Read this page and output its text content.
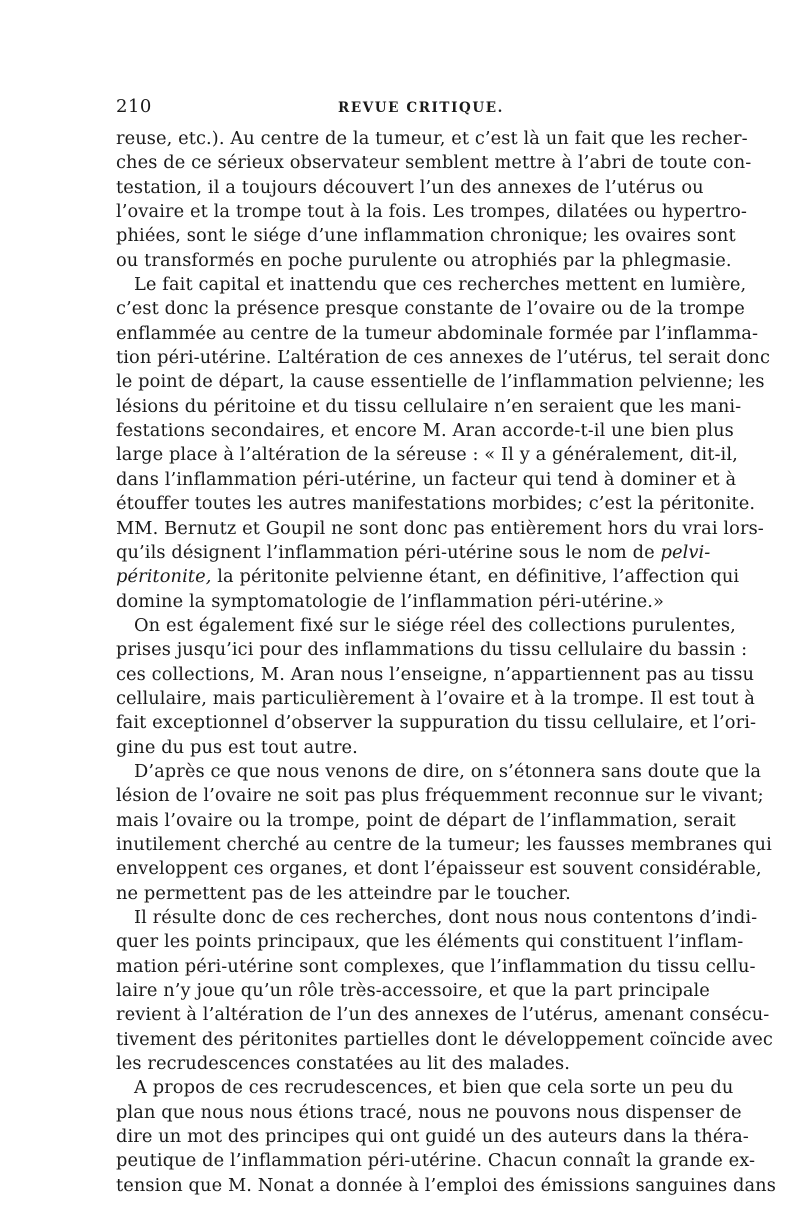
210	REVUE CRITIQUE.
reuse, etc.). Au centre de la tumeur, et c’est là un fait que les recher-
ches de ce sérieux observateur semblent mettre à l’abri de toute con-
testation, il a toujours découvert l’un des annexes de l’utérus ou
l’ovaire et la trompe tout à la fois. Les trompes, dilatées ou hypertro-
phiées, sont le siége d’une inflammation chronique; les ovaires sont
ou transformés en poche purulente ou atrophiés par la phlegmasie.
Le fait capital et inattendu que ces recherches mettent en lumière,
c’est donc la présence presque constante de l’ovaire ou de la trompe
enflammée au centre de la tumeur abdominale formée par l’inflamma-
tion péri-utérine. L’altération de ces annexes de l’utérus, tel serait donc
le point de départ, la cause essentielle de l’inflammation pelvienne; les
lésions du péritoine et du tissu cellulaire n’en seraient que les mani-
festations secondaires, et encore M. Aran accorde-t-il une bien plus
large place à l’altération de la séreuse : « Il y a généralement, dit-il,
dans l’inflammation péri-utérine, un facteur qui tend à dominer et à
étouffer toutes les autres manifestations morbides; c’est la péritonite.
MM. Bernutz et Goupil ne sont donc pas entièrement hors du vrai lors-
qu’ils désignent l’inflammation péri-utérine sous le nom de pelvi-
péritonite, la péritonite pelvienne étant, en définitive, l’affection qui
domine la symptomatologie de l’inflammation péri-utérine.»
On est également fixé sur le siége réel des collections purulentes,
prises jusqu’ici pour des inflammations du tissu cellulaire du bassin :
ces collections, M. Aran nous l’enseigne, n’appartiennent pas au tissu
cellulaire, mais particulièrement à l’ovaire et à la trompe. Il est tout à
fait exceptionnel d’observer la suppuration du tissu cellulaire, et l’ori-
gine du pus est tout autre.
D’après ce que nous venons de dire, on s’étonnera sans doute que la
lésion de l’ovaire ne soit pas plus fréquemment reconnue sur le vivant;
mais l’ovaire ou la trompe, point de départ de l’inflammation, serait
inutilement cherché au centre de la tumeur; les fausses membranes qui
enveloppent ces organes, et dont l’épaisseur est souvent considérable,
ne permettent pas de les atteindre par le toucher.
Il résulte donc de ces recherches, dont nous nous contentons d’indi-
quer les points principaux, que les éléments qui constituent l’inflam-
mation péri-utérine sont complexes, que l’inflammation du tissu cellu-
laire n’y joue qu’un rôle très-accessoire, et que la part principale
revient à l’altération de l’un des annexes de l’utérus, amenant consécu-
tivement des péritonites partielles dont le développement coïncide avec
les recrudescences constatées au lit des malades.
A propos de ces recrudescences, et bien que cela sorte un peu du
plan que nous nous étions tracé, nous ne pouvons nous dispenser de
dire un mot des principes qui ont guidé un des auteurs dans la théra-
peutique de l’inflammation péri-utérine. Chacun connaît la grande ex-
tension que M. Nonat a donnée à l’emploi des émissions sanguines dans
